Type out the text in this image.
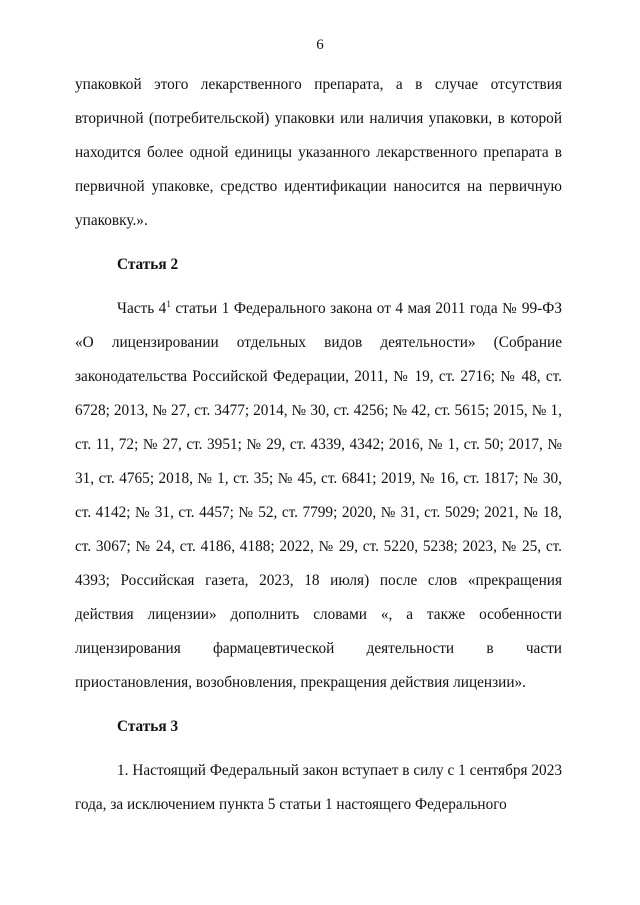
6

упаковкой этого лекарственного препарата, а в случае отсутствия вторичной (потребительской) упаковки или наличия упаковки, в которой находится более одной единицы указанного лекарственного препарата в первичной упаковке, средство идентификации наносится на первичную упаковку.».

Статья 2

Часть $4^1$ статьи 1 Федерального закона от 4 мая 2011 года № 99-ФЗ «О лицензировании отдельных видов деятельности» (Собрание законодательства Российской Федерации, 2011, № 19, ст. 2716; № 48, ст. 6728; 2013, № 27, ст. 3477; 2014, № 30, ст. 4256; № 42, ст. 5615; 2015, № 1, ст. 11, 72; № 27, ст. 3951; № 29, ст. 4339, 4342; 2016, № 1, ст. 50; 2017, № 31, ст. 4765; 2018, № 1, ст. 35; № 45, ст. 6841; 2019, № 16, ст. 1817; № 30, ст. 4142; № 31, ст. 4457; № 52, ст. 7799; 2020, № 31, ст. 5029; 2021, № 18, ст. 3067; № 24, ст. 4186, 4188; 2022, № 29, ст. 5220, 5238; 2023, № 25, ст. 4393; Российская газета, 2023, 18 июля) после слов «прекращения действия лицензии» дополнить словами «, а также особенности лицензирования фармацевтической деятельности в части приостановления, возобновления, прекращения действия лицензии».

Статья 3

1. Настоящий Федеральный закон вступает в силу с 1 сентября 2023 года, за исключением пункта 5 статьи 1 настоящего Федерального
